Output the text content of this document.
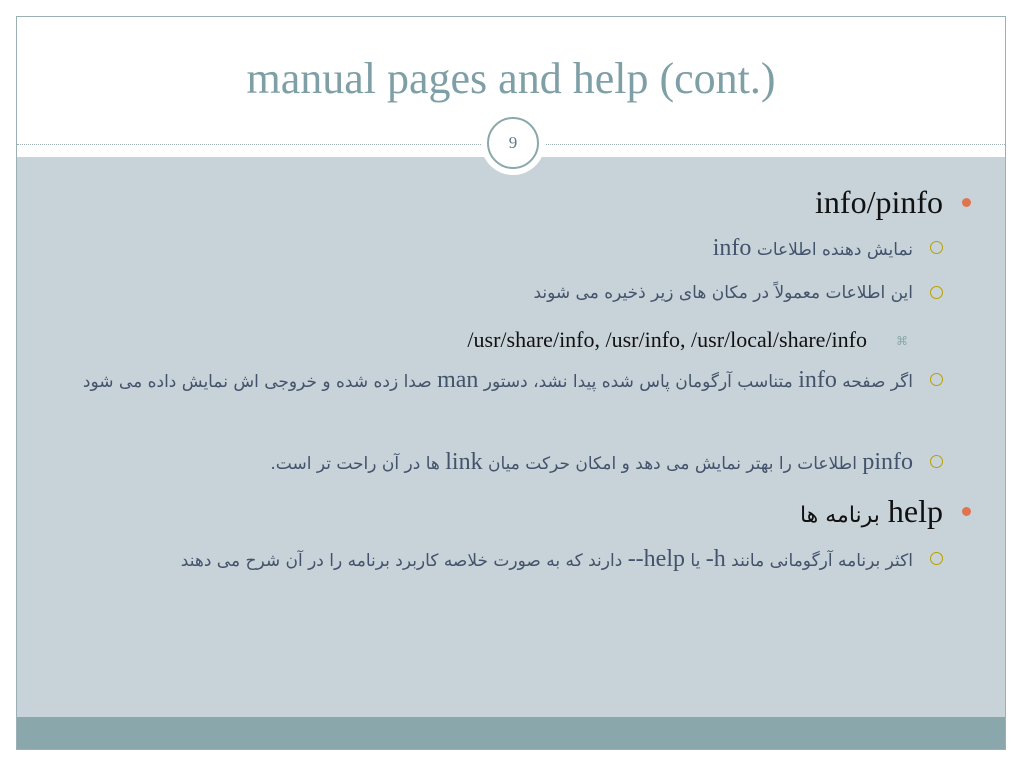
manual pages and help (cont.)
9
info/pinfo
نمایش دهنده اطلاعات info
این اطلاعات معمولاً در مکان های زیر ذخیره می شوند
⌘
/usr/share/info, /usr/info, /usr/local/share/info
اگر صفحه info متناسب آرگومان پاس شده پیدا نشد، دستور man صدا زده شده و خروجی اش نمایش داده می شود
pinfo اطلاعات را بهتر نمایش می دهد و امکان حرکت میان link ها در آن راحت تر است.
help برنامه ها
اکثر برنامه آرگومانی مانند -h یا --help دارند که به صورت خلاصه کاربرد برنامه را در آن شرح می دهند
